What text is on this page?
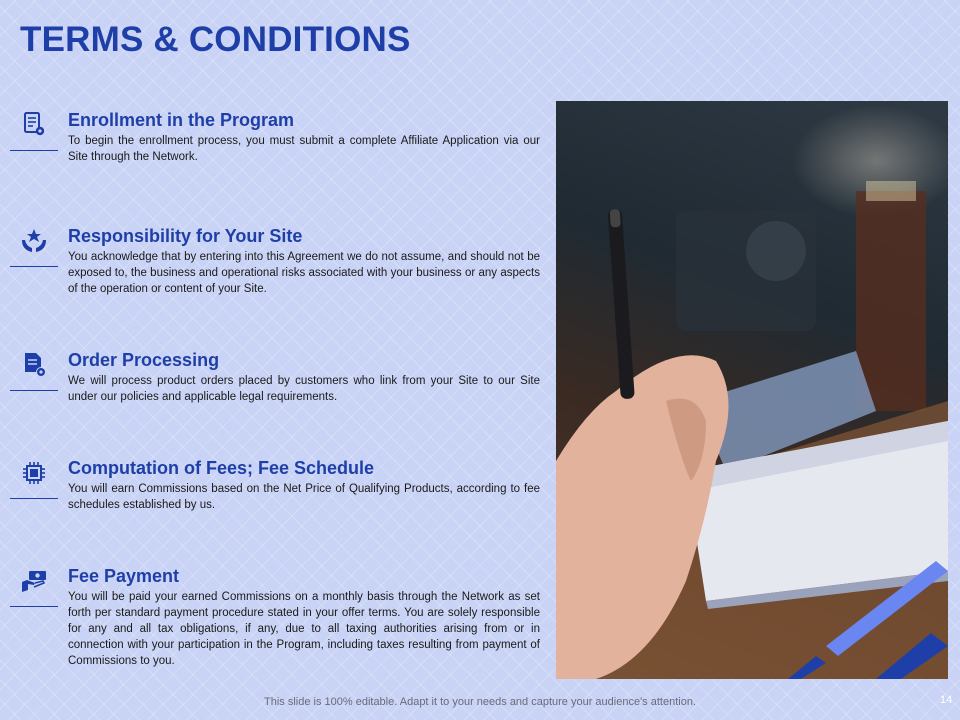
TERMS & CONDITIONS
Enrollment in the Program

To begin the enrollment process, you must submit a complete Affiliate Application via our Site through the Network.

Responsibility for Your Site

You acknowledge that by entering into this Agreement we do not assume, and should not be exposed to, the business and operational risks associated with your business or any aspects of the operation or content of your Site.

Order Processing

We will process product orders placed by customers who link from your Site to our Site under our policies and applicable legal requirements.

Computation of Fees; Fee Schedule

You will earn Commissions based on the Net Price of Qualifying Products, according to fee schedules established by us.

Fee Payment

You will be paid your earned Commissions on a monthly basis through the Network as set forth per standard payment procedure stated in your offer terms. You are solely responsible for any and all tax obligations, if any, due to all taxing authorities arising from or in connection with your participation in the Program, including taxes resulting from payment of Commissions to you.

This slide is 100% editable. Adapt it to your needs and capture your audience's attention.	14
